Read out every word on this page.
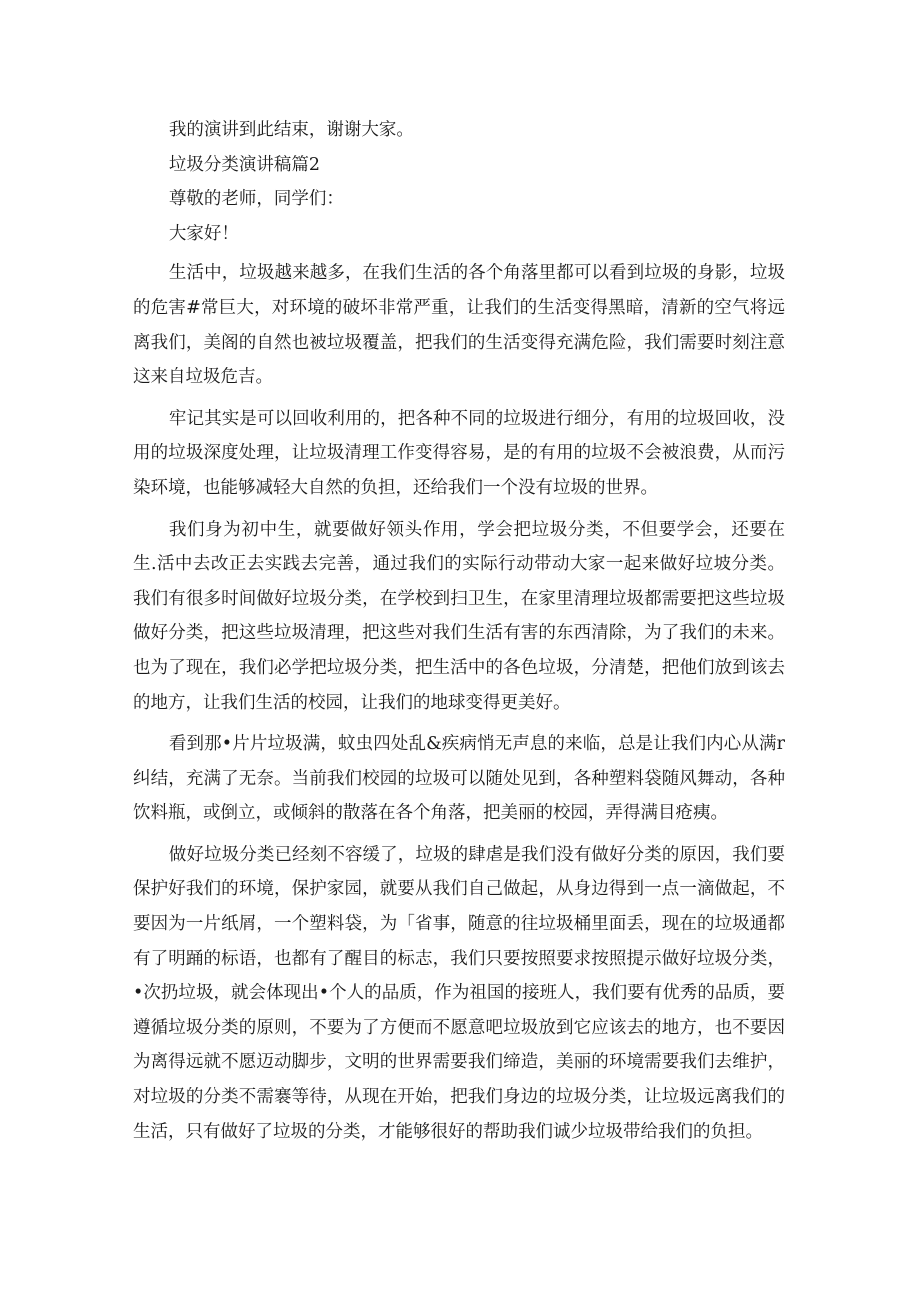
我的演讲到此结束，谢谢大家。

垃圾分类演讲稿篇2

尊敬的老师，同学们：

大家好！

生活中，垃圾越来越多，在我们生活的各个角落里都可以看到垃圾的身影，垃圾的危害#常巨大，对环境的破坏非常严重，让我们的生活变得黑暗，清新的空气将远离我们，美阁的自然也被垃圾覆盖，把我们的生活变得充满危险，我们需要时刻注意这来自垃圾危吉。

牢记其实是可以回收利用的，把各种不同的垃圾进行细分，有用的垃圾回收，没用的垃圾深度处理，让垃圾清理工作变得容易，是的有用的垃圾不会被浪费，从而污染环境，也能够减轻大自然的负担，还给我们一个没有垃圾的世界。

我们身为初中生，就要做好领头作用，学会把垃圾分类，不但要学会，还要在生.活中去改正去实践去完善，通过我们的实际行动带动大家一起来做好垃坡分类。我们有很多时间做好垃圾分类，在学校到扫卫生，在家里清理垃圾都需要把这些垃圾做好分类，把这些垃圾清理，把这些对我们生活有害的东西清除，为了我们的未来。也为了现在，我们必学把垃圾分类，把生活中的各色垃圾，分清楚，把他们放到该去的地方，让我们生活的校园，让我们的地球变得更美好。

看到那•片片垃圾满，蚊虫四处乱&疾病悄无声息的来临，总是让我们内心从满r纠结，充满了无奈。当前我们校园的垃圾可以随处见到，各种塑料袋随风舞动，各种饮料瓶，或倒立，或倾斜的散落在各个角落，把美丽的校园，弄得满目疮痍。

做好垃圾分类已经刻不容缓了，垃圾的肆虐是我们没有做好分类的原因，我们要保护好我们的环境，保护家园，就要从我们自己做起，从身边得到一点一滴做起，不要因为一片纸屑，一个塑料袋，为「省事，随意的往垃圾桶里面丢，现在的垃圾通都有了明踊的标语，也都有了醒目的标志，我们只要按照要求按照提示做好垃圾分类，•次扔垃圾，就会体现出•个人的品质，作为祖国的接班人，我们要有优秀的品质，要遵循垃圾分类的原则，不要为了方便而不愿意吧垃圾放到它应该去的地方，也不要因为离得远就不愿迈动脚步，文明的世界需要我们缔造，美丽的环境需要我们去维护，对垃圾的分类不需褰等待，从现在开始，把我们身边的垃圾分类，让垃圾远离我们的生活，只有做好了垃圾的分类，才能够很好的帮助我们诚少垃圾带给我们的负担。
